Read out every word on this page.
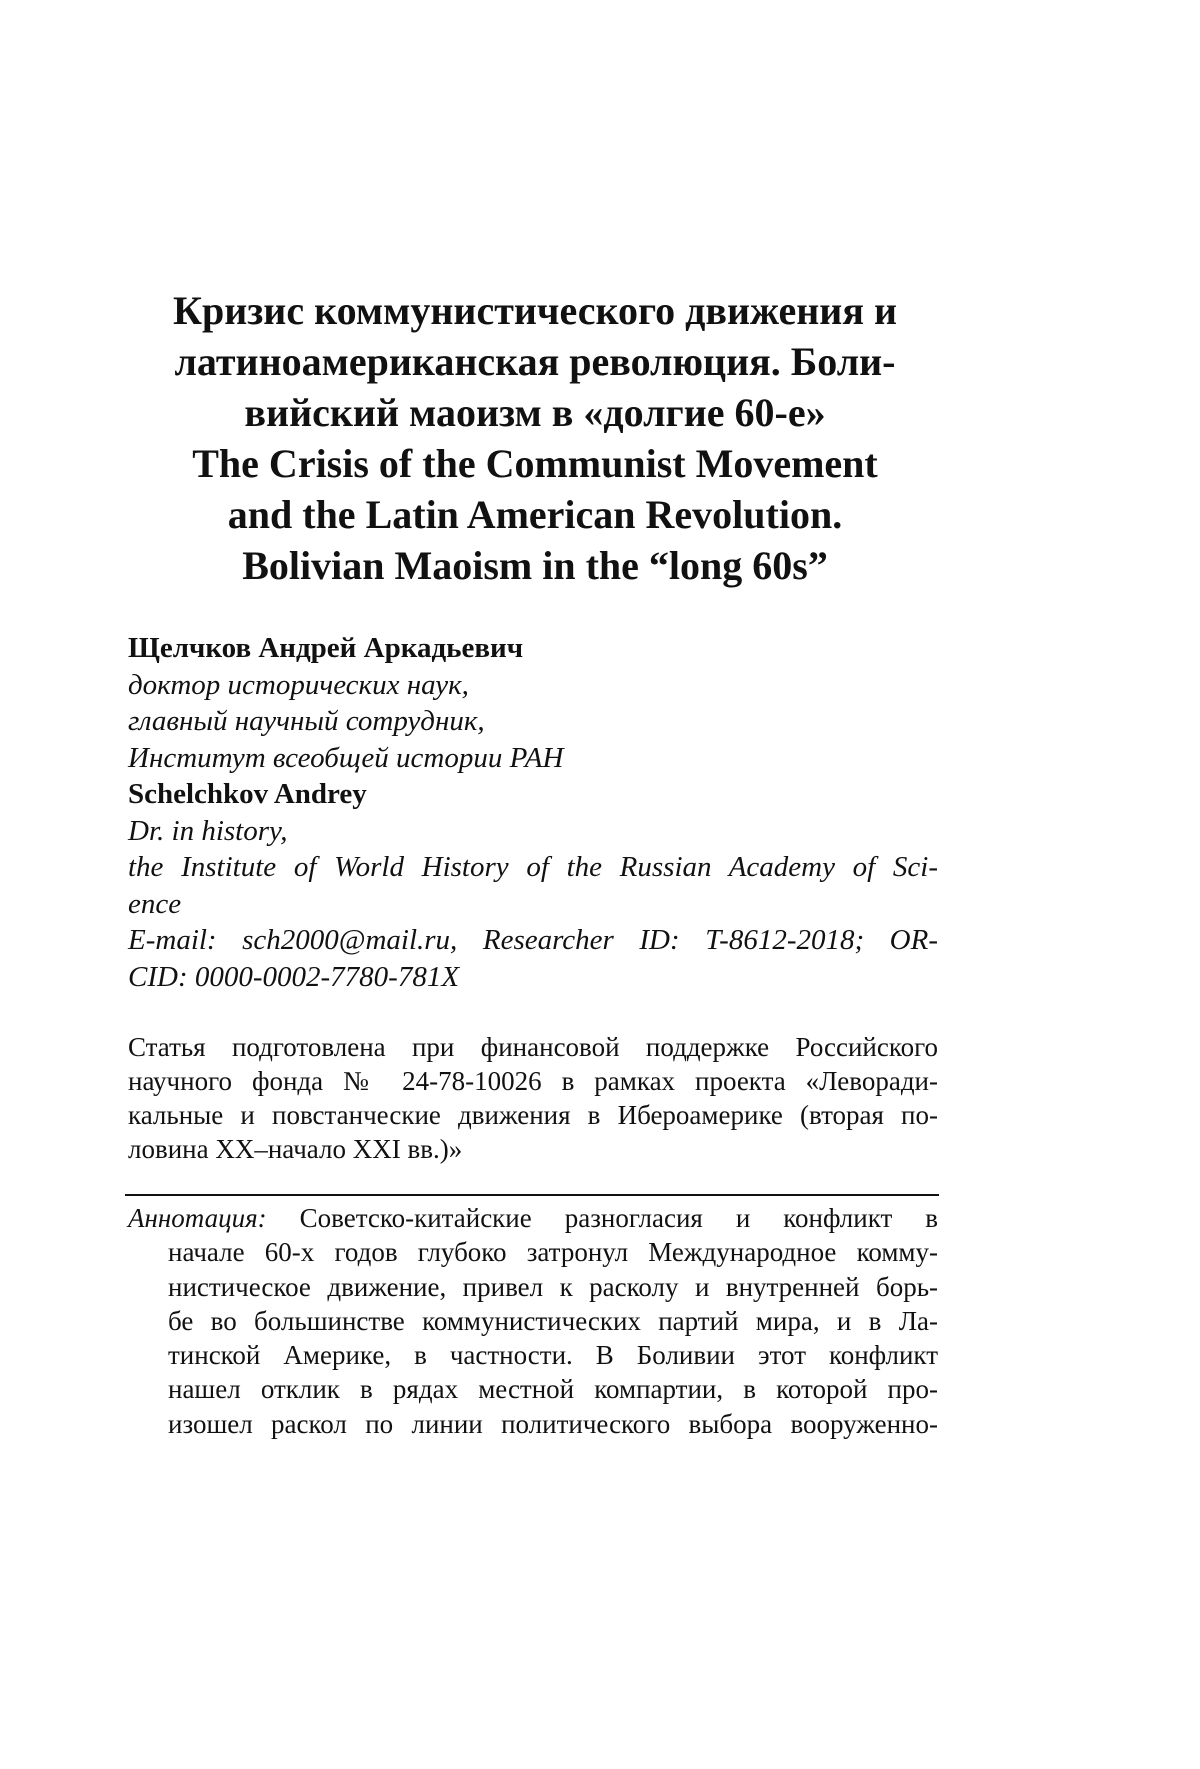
Кризис коммунистического движения и
латиноамериканская революция. Боли-
вийский маоизм в «долгие 60-е»
The Crisis of the Communist Movement
and the Latin American Revolution.
Bolivian Maoism in the “long 60s”
Щелчков Андрей Аркадьевич
доктор исторических наук,
главный научный сотрудник,
Институт всеобщей истории РАН
Schelchkov Andrey
Dr. in history,
the Institute of World History of the Russian Academy of Sci-
ence
E-mail: sch2000@mail.ru, Researcher ID: T-8612-2018; OR-
CID: 0000-0002-7780-781X
Статья подготовлена при финансовой поддержке Российского
научного фонда № 24-78-10026 в рамках проекта «Леворади-
кальные и повстанческие движения в Ибероамерике (вторая по-
ловина XX–начало XXI вв.)»
Аннотация: Советско-китайские разногласия и конфликт в
начале 60-х годов глубоко затронул Международное комму-
нистическое движение, привел к расколу и внутренней борь-
бе во большинстве коммунистических партий мира, и в Ла-
тинской Америке, в частности. В Боливии этот конфликт
нашел отклик в рядах местной компартии, в которой про-
изошел раскол по линии политического выбора вооруженно-
